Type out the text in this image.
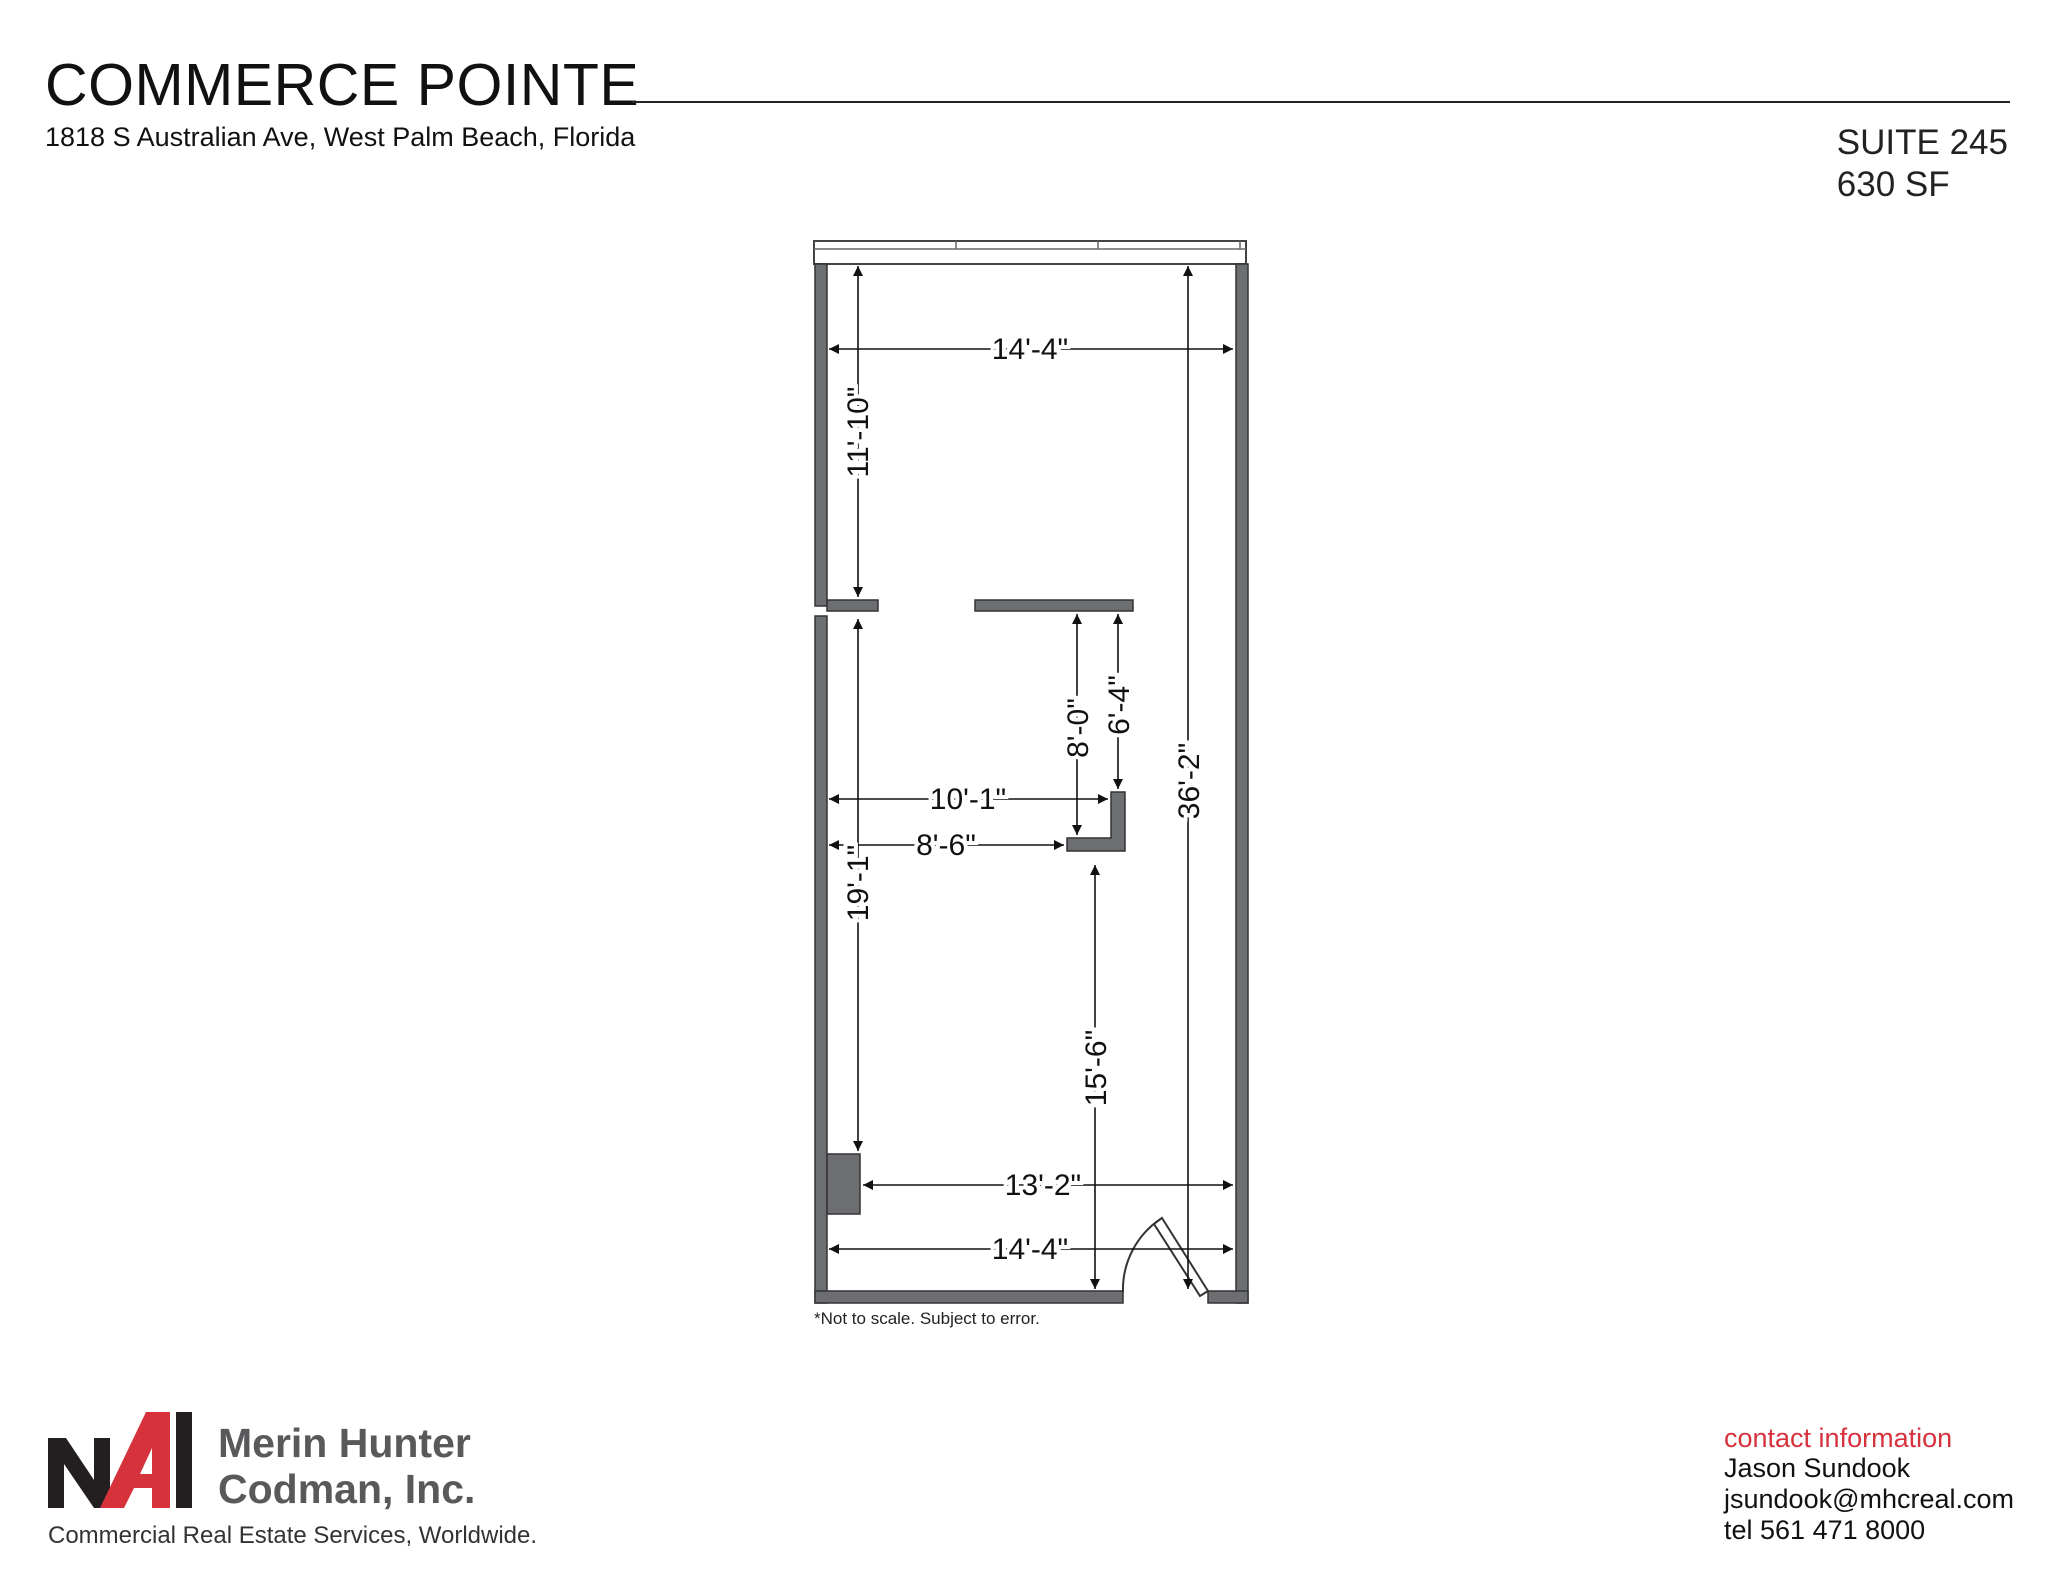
COMMERCE POINTE
1818 S Australian Ave, West Palm Beach, Florida	SUITE 245
630 SF
14'-4"
11'-10"
36'-2"
8'-0" 6'-4"
10'-1"
8'-6"
19'-1"
15'-6"
13'-2"
14'-4"
*Not to scale. Subject to error.
Merin Hunter
Codman, Inc.
Commercial Real Estate Services, Worldwide.
contact information
Jason Sundook
jsundook@mhcreal.com
tel 561 471 8000
